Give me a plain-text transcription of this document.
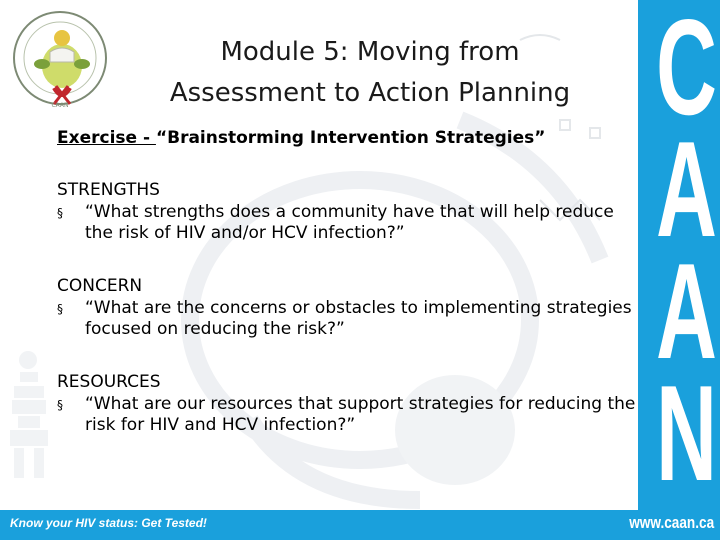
CAAN
Module 5: Moving from
Assessment to Action Planning
Exercise - “Brainstorming Intervention Strategies”
STRENGTHS
§	“What strengths does a community have that will help reduce the risk of HIV and/or HCV infection?”
CONCERN
§	“What are the concerns or obstacles to implementing strategies focused on reducing the risk?”
RESOURCES
§	“What are our resources that support strategies for reducing the risk for HIV and HCV infection?”
C
A
A
N
Know your HIV status: Get Tested!	www.caan.ca
